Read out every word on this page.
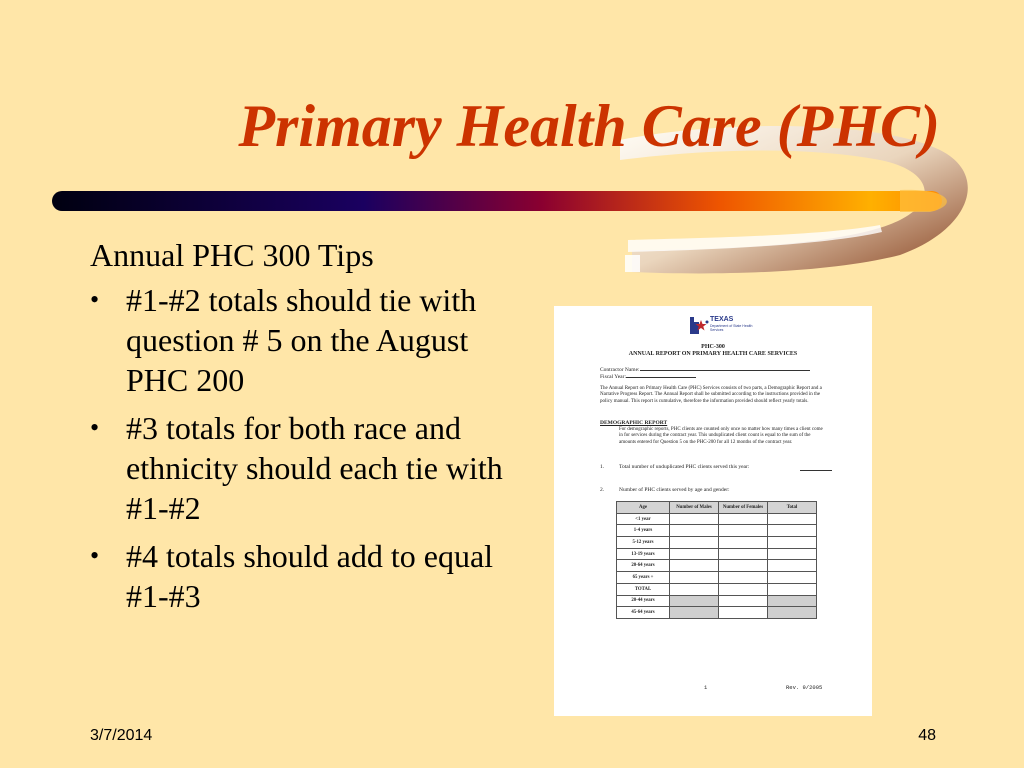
Primary Health Care (PHC)

Annual PHC 300 Tips

• #1-#2 totals should tie with question # 5 on the August PHC 200
• #3 totals for both race and ethnicity should each tie with #1-#2
• #4 totals should add to equal #1-#3
TEXAS
Department of State Health Services
PHC-300
ANNUAL REPORT ON PRIMARY HEALTH CARE SERVICES
Contractor Name:
Fiscal Year:
The Annual Report on Primary Health Care (PHC) Services consists of two parts, a Demographic Report and a Narrative Progress Report. The Annual Report shall be submitted according to the instructions provided in the policy manual. This report is cumulative, therefore the information provided should reflect yearly totals.
DEMOGRAPHIC REPORT
For demographic reports, PHC clients are counted only once no matter how many times a client come in for services during the contract year. This unduplicated client count is equal to the sum of the amounts entered for Question 5 on the PHC-200 for all 12 months of the contract year.
1.	Total number of unduplicated PHC clients served this year:
2.	Number of PHC clients served by age and gender:
Age	Number of Males	Number of Females	Total
<1 year			
1-4 years			
5-12 years			
13-19 years			
20-64 years			
65 years +			
TOTAL			
20-44 years			
45-64 years			
1	Rev. 9/2005
3/7/2014	48
